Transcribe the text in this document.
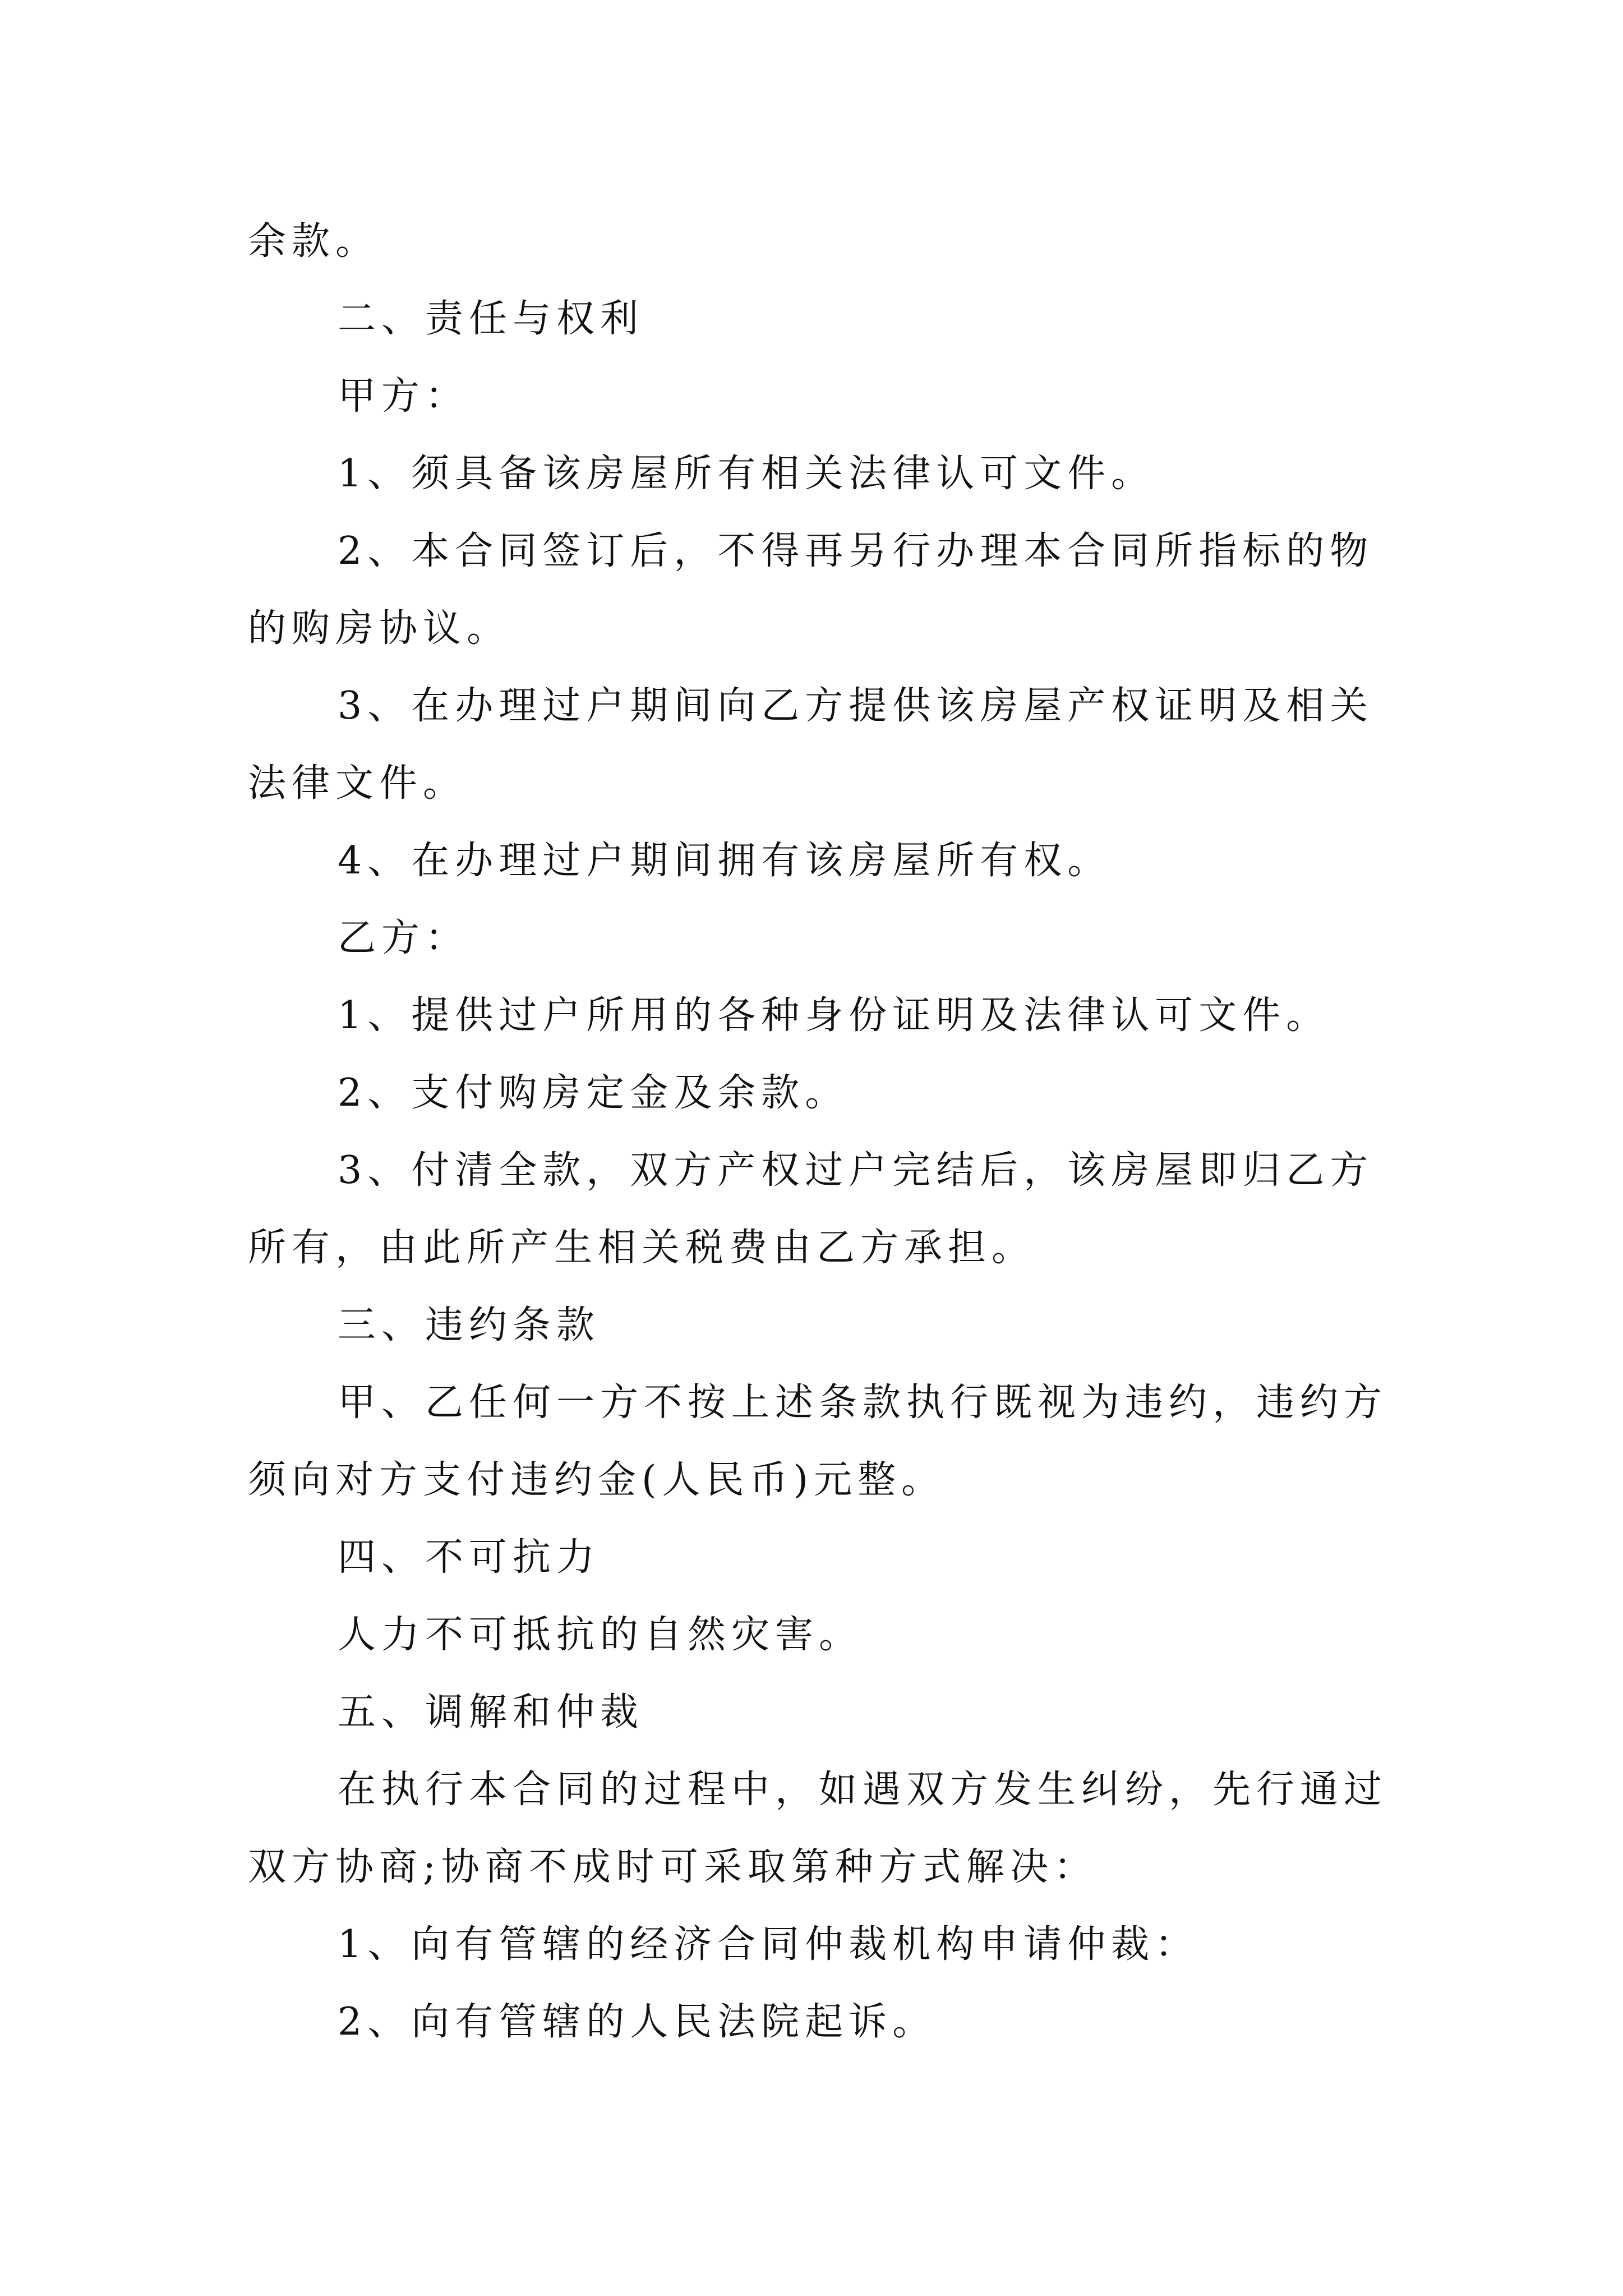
余款。
二、责任与权利
甲方：
1、须具备该房屋所有相关法律认可文件。
2、本合同签订后，不得再另行办理本合同所指标的物
的购房协议。
3、在办理过户期间向乙方提供该房屋产权证明及相关
法律文件。
4、在办理过户期间拥有该房屋所有权。
乙方：
1、提供过户所用的各种身份证明及法律认可文件。
2、支付购房定金及余款。
3、付清全款，双方产权过户完结后，该房屋即归乙方
所有，由此所产生相关税费由乙方承担。
三、违约条款
甲、乙任何一方不按上述条款执行既视为违约，违约方
须向对方支付违约金(人民币)元整。
四、不可抗力
人力不可抵抗的自然灾害。
五、调解和仲裁
在执行本合同的过程中，如遇双方发生纠纷，先行通过
双方协商;协商不成时可采取第种方式解决：
1、向有管辖的经济合同仲裁机构申请仲裁：
2、向有管辖的人民法院起诉。
